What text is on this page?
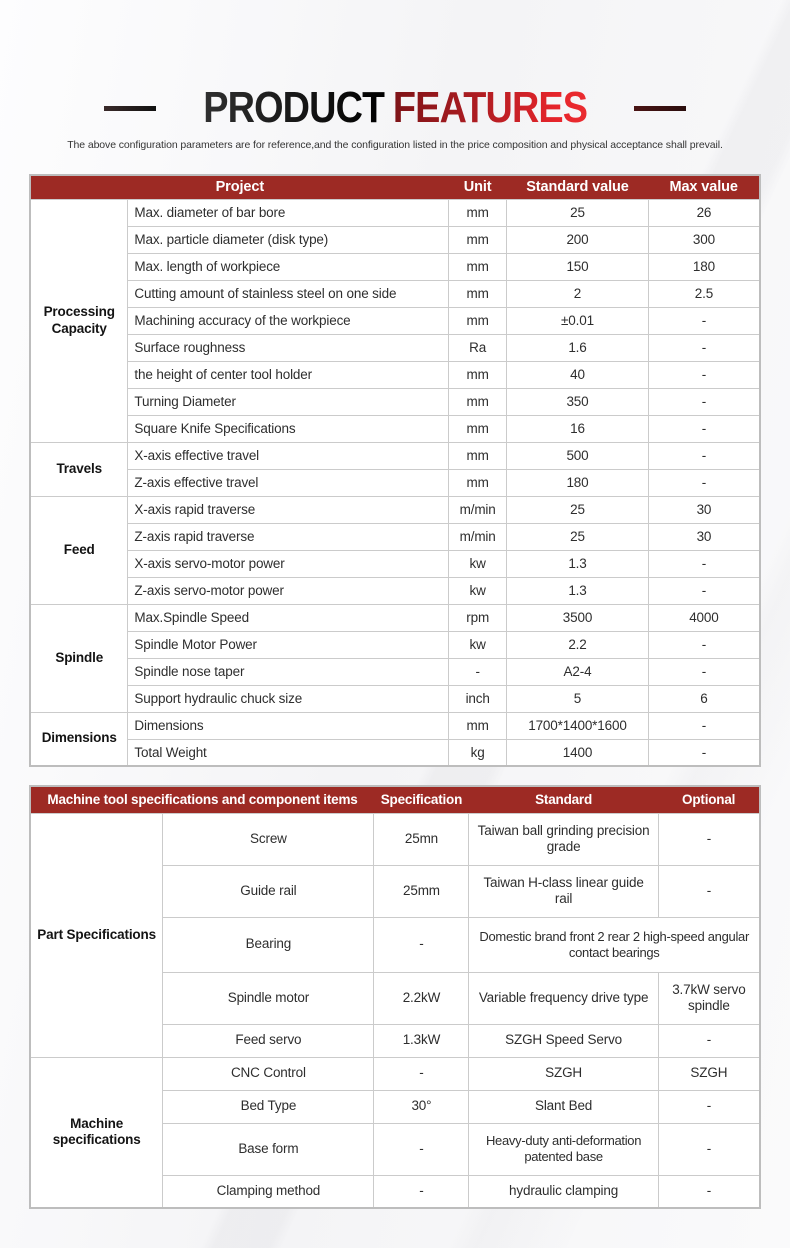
PRODUCT FEATURES

The above configuration parameters are for reference,and the configuration listed in the price composition and physical acceptance shall prevail.

Project		Unit	Standard value	Max value
Processing Capacity	Max. diameter of bar bore	mm	25	26
	Max. particle diameter (disk type)	mm	200	300
	Max. length of workpiece	mm	150	180
	Cutting amount of stainless steel on one side	mm	2	2.5
	Machining accuracy of the workpiece	mm	±0.01	-
	Surface roughness	Ra	1.6	-
	the height of center tool holder	mm	40	-
	Turning Diameter	mm	350	-
	Square Knife Specifications	mm	16	-
Travels	X-axis effective travel	mm	500	-
	Z-axis effective travel	mm	180	-
Feed	X-axis rapid traverse	m/min	25	30
	Z-axis rapid traverse	m/min	25	30
	X-axis servo-motor power	kw	1.3	-
	Z-axis servo-motor power	kw	1.3	-
Spindle	Max.Spindle Speed	rpm	3500	4000
	Spindle Motor Power	kw	2.2	-
	Spindle nose taper	-	A2-4	-
	Support hydraulic chuck size	inch	5	6
Dimensions	Dimensions	mm	1700*1400*1600	-
	Total Weight	kg	1400	-
Machine tool specifications and component items		Specification	Standard	Optional
Part Specifications	Screw	25mn	Taiwan ball grinding precision grade	-
	Guide rail	25mm	Taiwan H-class linear guide rail	-
	Bearing	-	Domestic brand front 2 rear 2 high-speed angular contact bearings	
	Spindle motor	2.2kW	Variable frequency drive type	3.7kW servo spindle
	Feed servo	1.3kW	SZGH Speed Servo	-
Machine specifications	CNC Control	-	SZGH	SZGH
	Bed Type	30°	Slant Bed	-
	Base form	-	Heavy-duty anti-deformation patented base	-
	Clamping method	-	hydraulic clamping	-
